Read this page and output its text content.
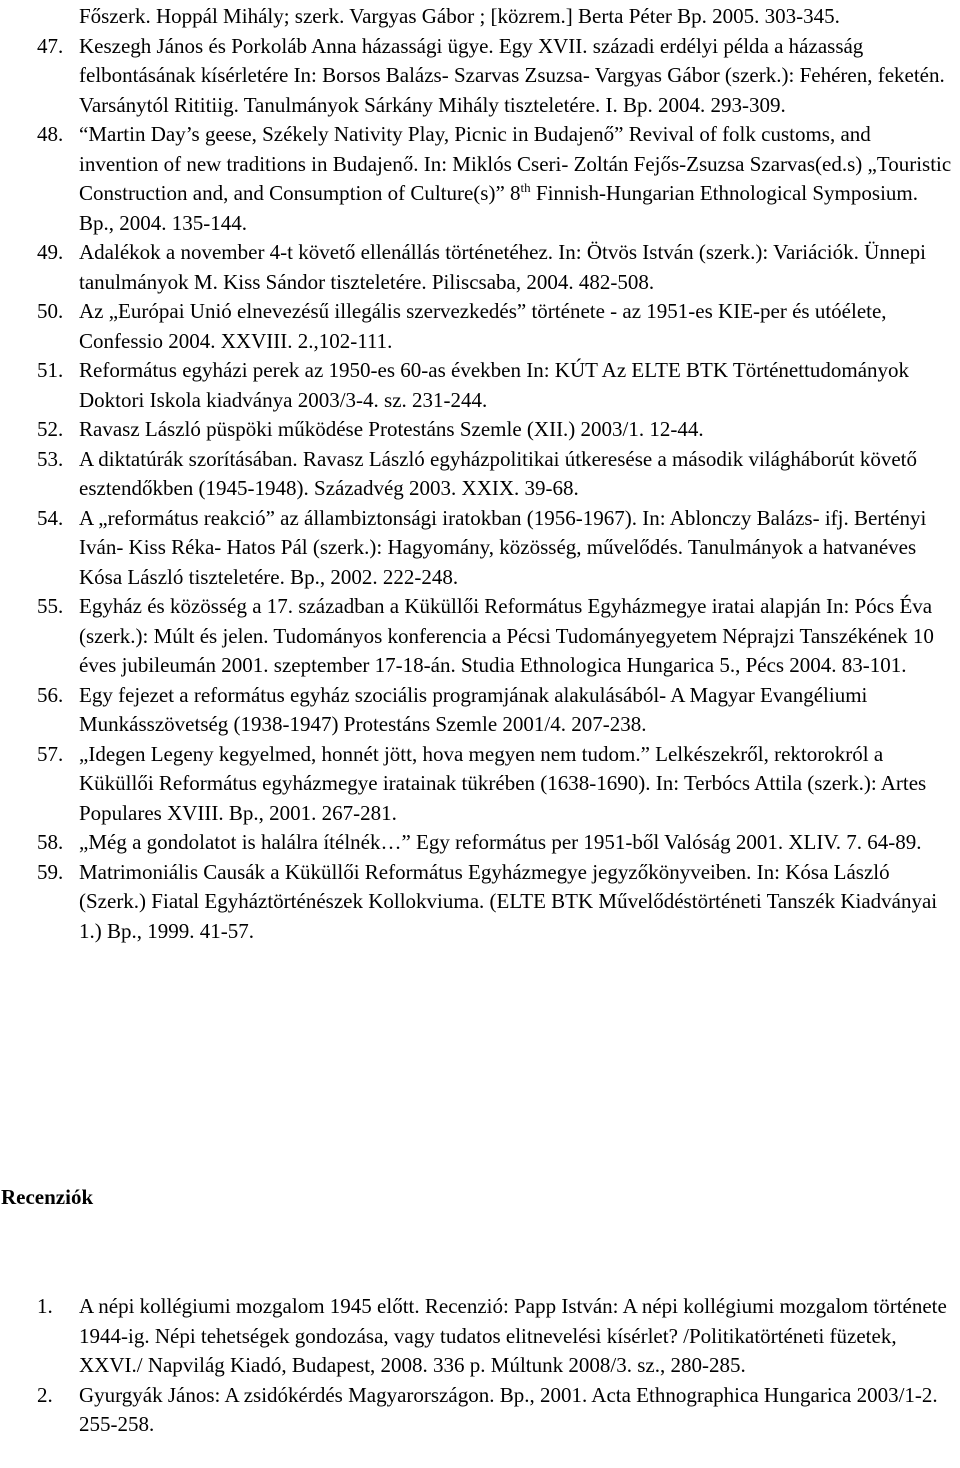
Főszerk. Hoppál Mihály; szerk. Vargyas Gábor ; [közrem.] Berta Péter Bp. 2005. 303-345.
47. Keszegh János és Porkoláb Anna házassági ügye. Egy XVII. századi erdélyi példa a házasság felbontásának kísérletére In: Borsos Balázs- Szarvas Zsuzsa- Vargyas Gábor (szerk.): Fehéren, feketén. Varsánytól Rititiig. Tanulmányok Sárkány Mihály tiszteletére. I. Bp. 2004. 293-309.
48. “Martin Day’s geese, Székely Nativity Play, Picnic in Budajenő” Revival of folk customs, and invention of new traditions in Budajenő. In: Miklós Cseri- Zoltán Fejős-Zsuzsa Szarvas(ed.s) „Touristic Construction and, and Consumption of Culture(s)” 8th Finnish-Hungarian Ethnological Symposium. Bp., 2004. 135-144.
49. Adalékok a november 4-t követő ellenállás történetéhez. In: Ötvös István (szerk.): Variációk. Ünnepi tanulmányok M. Kiss Sándor tiszteletére. Piliscsaba, 2004. 482-508.
50. Az „Európai Unió elnevezésű illegális szervezkedés” története - az 1951-es KIE-per és utóélete, Confessio 2004. XXVIII. 2.,102-111.
51. Református egyházi perek az 1950-es 60-as években In: KÚT Az ELTE BTK Történettudományok Doktori Iskola kiadványa 2003/3-4. sz. 231-244.
52. Ravasz László püspöki működése Protestáns Szemle (XII.) 2003/1. 12-44.
53. A diktatúrák szorításában. Ravasz László egyházpolitikai útkeresése a második világháborút követő esztendőkben (1945-1948). Századvég 2003. XXIX. 39-68.
54. A „református reakció” az állambiztonsági iratokban (1956-1967). In: Ablonczy Balázs- ifj. Bertényi Iván- Kiss Réka- Hatos Pál (szerk.): Hagyomány, közösség, művelődés. Tanulmányok a hatvanéves Kósa László tiszteletére. Bp., 2002. 222-248.
55. Egyház és közösség a 17. században a Küküllői Református Egyházmegye iratai alapján In: Pócs Éva (szerk.): Múlt és jelen. Tudományos konferencia a Pécsi Tudományegyetem Néprajzi Tanszékének 10 éves jubileumán 2001. szeptember 17-18-án. Studia Ethnologica Hungarica 5., Pécs 2004. 83-101.
56. Egy fejezet a református egyház szociális programjának alakulásából- A Magyar Evangéliumi Munkásszövetség (1938-1947) Protestáns Szemle 2001/4. 207-238.
57. „Idegen Legeny kegyelmed, honnét jött, hova megyen nem tudom.” Lelkészekről, rektorokról a Küküllői Református egyházmegye iratainak tükrében (1638-1690). In: Terbócs Attila (szerk.): Artes Populares XVIII. Bp., 2001. 267-281.
58. „Még a gondolatot is halálra ítélnék…” Egy református per 1951-ből Valóság 2001. XLIV. 7. 64-89.
59. Matrimoniális Causák a Küküllői Református Egyházmegye jegyzőkönyveiben. In: Kósa László (Szerk.) Fiatal Egyháztörténészek Kollokviuma. (ELTE BTK Művelődéstörténeti Tanszék Kiadványai 1.) Bp., 1999. 41-57.
Recenziók
1. A népi kollégiumi mozgalom 1945 előtt. Recenzió: Papp István: A népi kollégiumi mozgalom története 1944-ig. Népi tehetségek gondozása, vagy tudatos elitnevelési kísérlet? /Politikatörténeti füzetek, XXVI./ Napvilág Kiadó, Budapest, 2008. 336 p. Múltunk 2008/3. sz., 280-285.
2. Gyurgyák János: A zsidókérdés Magyarországon. Bp., 2001. Acta Ethnographica Hungarica 2003/1-2. 255-258.
